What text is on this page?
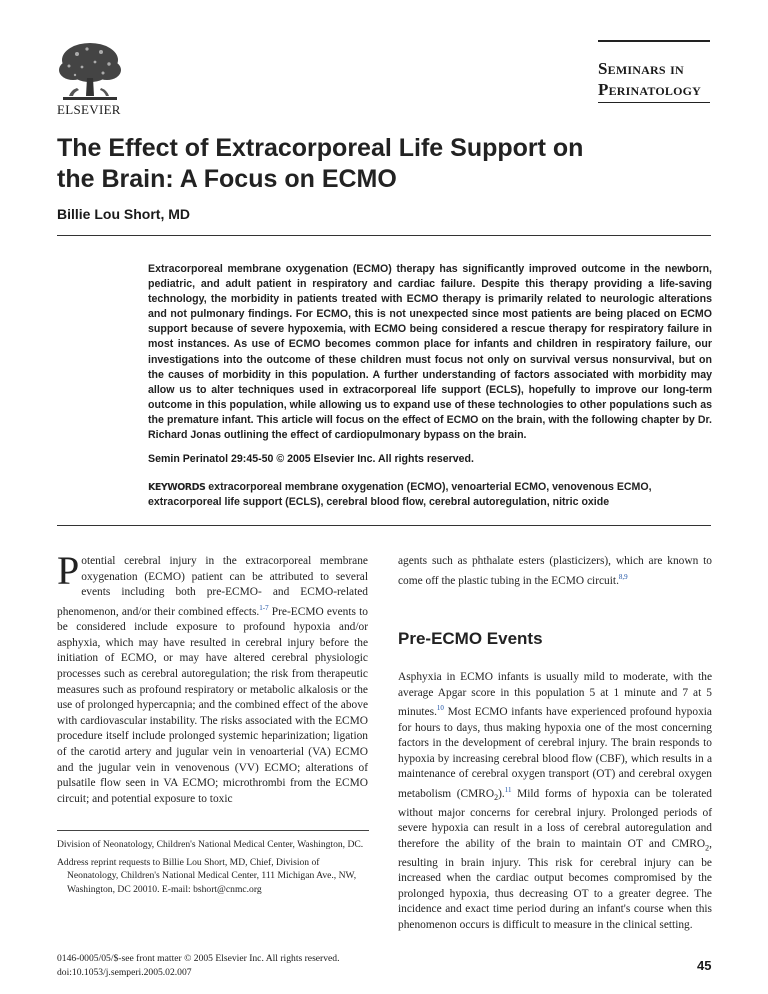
ELSEVIER
Seminars in
Perinatology
The Effect of Extracorporeal Life Support on the Brain: A Focus on ECMO
Billie Lou Short, MD
Extracorporeal membrane oxygenation (ECMO) therapy has significantly improved outcome in the newborn, pediatric, and adult patient in respiratory and cardiac failure. Despite this therapy providing a life-saving technology, the morbidity in patients treated with ECMO therapy is primarily related to neurologic alterations and not pulmonary findings. For ECMO, this is not unexpected since most patients are being placed on ECMO support because of severe hypoxemia, with ECMO being considered a rescue therapy for respiratory failure in most instances. As use of ECMO becomes common place for infants and children in respiratory failure, our investigations into the outcome of these children must focus not only on survival versus nonsurvival, but on the causes of morbidity in this population. A further understanding of factors associated with morbidity may allow us to alter techniques used in extracorporeal life support (ECLS), hopefully to improve our long-term outcome in this population, while allowing us to expand use of these technologies to other populations such as the premature infant. This article will focus on the effect of ECMO on the brain, with the following chapter by Dr. Richard Jonas outlining the effect of cardiopulmonary bypass on the brain.
Semin Perinatol 29:45-50 © 2005 Elsevier Inc. All rights reserved.
KEYWORDS extracorporeal membrane oxygenation (ECMO), venoarterial ECMO, venovenous ECMO, extracorporeal life support (ECLS), cerebral blood flow, cerebral autoregulation, nitric oxide
Potential cerebral injury in the extracorporeal membrane oxygenation (ECMO) patient can be attributed to several events including both pre-ECMO- and ECMO-related phenomenon, and/or their combined effects.$^{1-7}$ Pre-ECMO events to be considered include exposure to profound hypoxia and/or asphyxia, which may have resulted in cerebral injury before the initiation of ECMO, or may have altered cerebral physiologic processes such as cerebral autoregulation; the risk from therapeutic measures such as profound respiratory or metabolic alkalosis or the use of prolonged hypercapnia; and the combined effect of the above with cardiovascular instability. The risks associated with the ECMO procedure itself include prolonged systemic heparinization; ligation of the carotid artery and jugular vein in venoarterial (VA) ECMO and the jugular vein in venovenous (VV) ECMO; alterations of pulsatile flow seen in VA ECMO; microthrombi from the ECMO circuit; and potential exposure to toxic
agents such as phthalate esters (plasticizers), which are known to come off the plastic tubing in the ECMO circuit.$^{8,9}$
Pre-ECMO Events
Asphyxia in ECMO infants is usually mild to moderate, with the average Apgar score in this population 5 at 1 minute and 7 at 5 minutes.$^{10}$ Most ECMO infants have experienced profound hypoxia for hours to days, thus making hypoxia one of the most concerning factors in the development of cerebral injury. The brain responds to hypoxia by increasing cerebral blood flow (CBF), which results in a maintenance of cerebral oxygen transport (OT) and cerebral oxygen metabolism $(CMRO_2).^{11}$ Mild forms of hypoxia can be tolerated without major concerns for cerebral injury. Prolonged periods of severe hypoxia can result in a loss of cerebral autoregulation and therefore the ability of the brain to maintain OT and $CMRO_2$, resulting in brain injury. This risk for cerebral injury can be increased when the cardiac output becomes compromised by the prolonged hypoxia, thus decreasing OT to a greater degree. The incidence and exact time period during an infant's course when this phenomenon occurs is difficult to measure in the clinical setting.

Division of Neonatology, Children's National Medical Center, Washington, DC.

Address reprint requests to Billie Lou Short, MD, Chief, Division of Neonatology, Children's National Medical Center, 111 Michigan Ave., NW, Washington, DC 20010. E-mail: bshort@cnmc.org

0146-0005/05/$-see front matter © 2005 Elsevier Inc. All rights reserved.
doi:10.1053/j.semperi.2005.02.007	45
